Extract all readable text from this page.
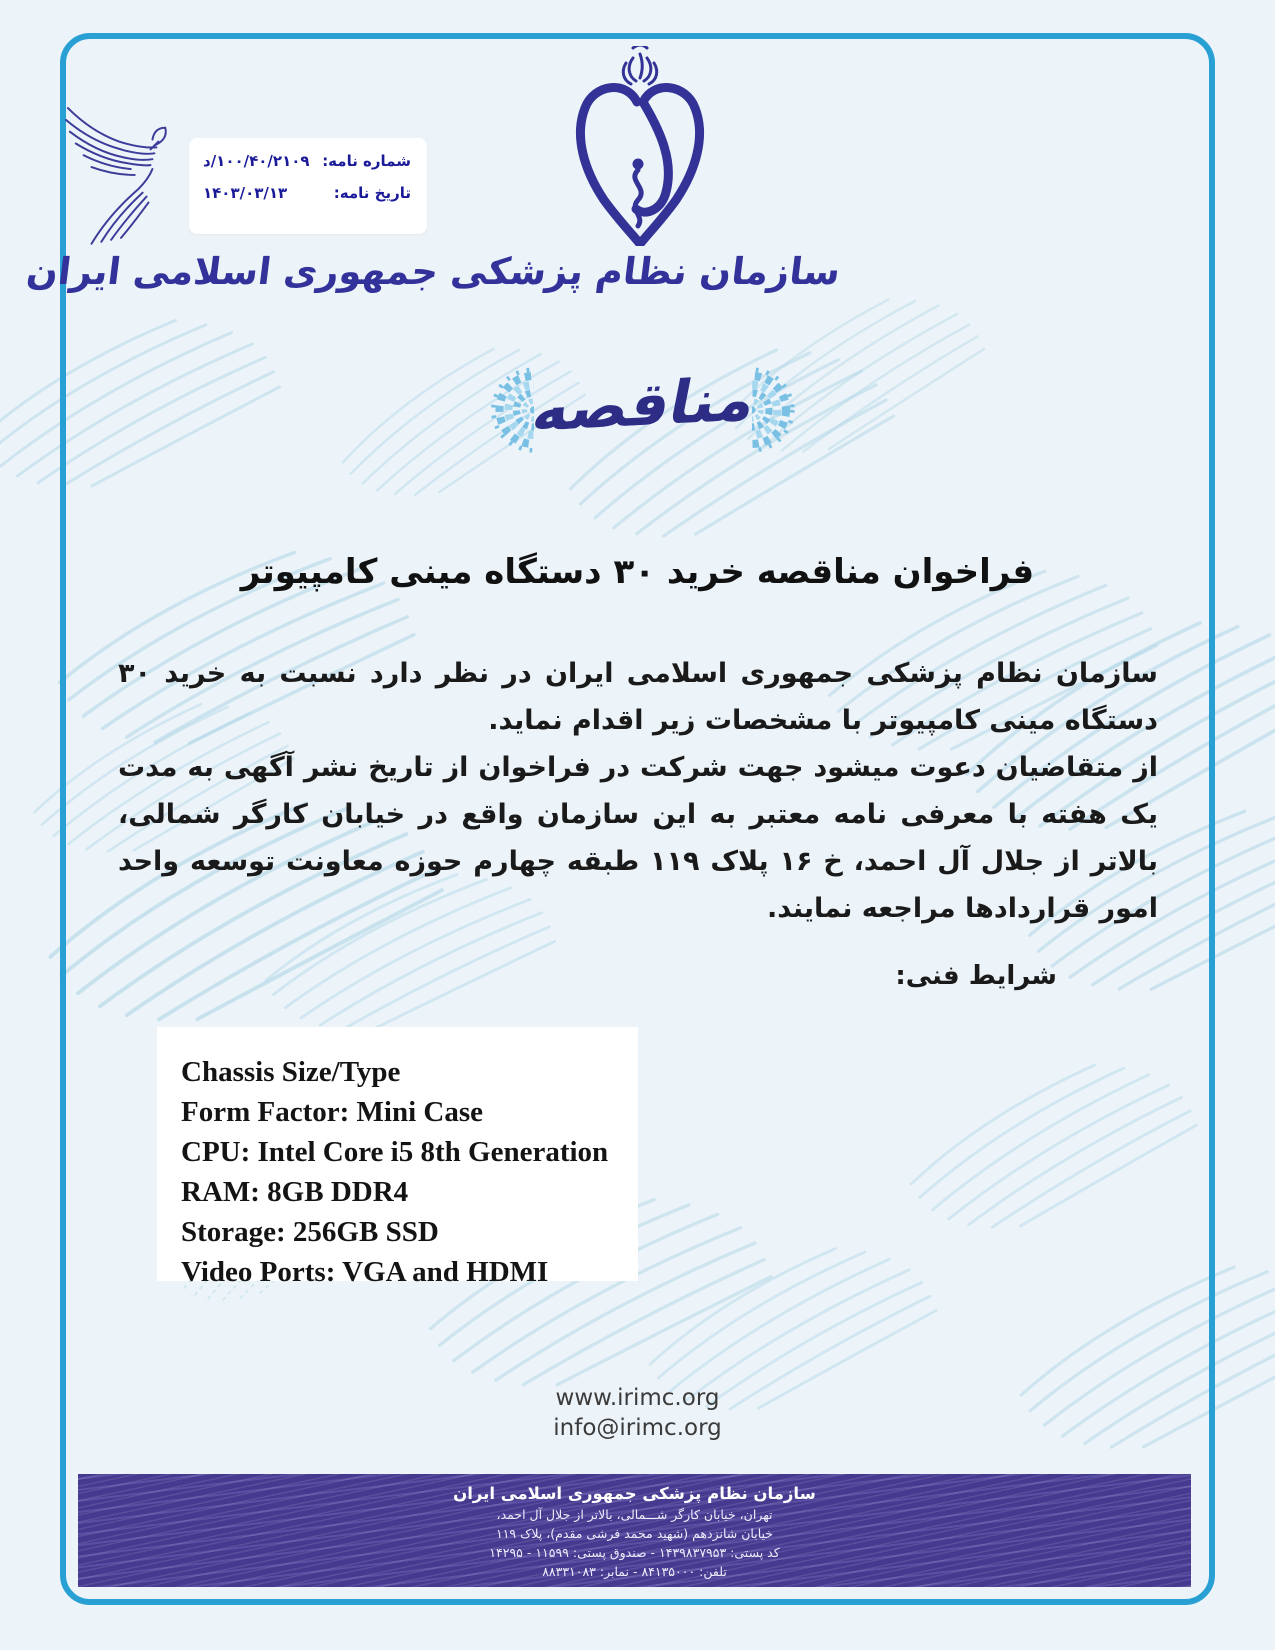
شماره نامه:
د/۱۰۰/۴۰/۲۱۰۹
تاریخ نامه:
۱۴۰۳/۰۳/۱۳
سازمان نظام پزشکی جمهوری اسلامی ایران
مناقصه
فراخوان مناقصه خرید ۳۰ دستگاه مینی کامپیوتر

سازمان نظام پزشکی جمهوری اسلامی ایران در نظر دارد نسبت به خرید ۳۰ دستگاه مینی کامپیوتر با مشخصات زیر اقدام نماید.

از متقاضیان دعوت میشود جهت شرکت در فراخوان از تاریخ نشر آگهی به مدت یک هفته با معرفی نامه معتبر به این سازمان واقع در خیابان کارگر شمالی، بالاتر از جلال آل احمد، خ ۱۶ پلاک ۱۱۹ طبقه چهارم حوزه معاونت توسعه واحد امور قراردادها مراجعه نمایند.

شرایط فنی:
Chassis Size/Type
Form Factor: Mini Case
CPU: Intel Core i5 8th Generation
RAM: 8GB DDR4
Storage: 256GB SSD
Video Ports: VGA and HDMI
www.irimc.org
info@irimc.org
سازمان نظام پزشکی جمهوری اسلامی ایران
تهران، خیابان کارگر شـــمالی، بالاتر از جلال آل احمد،
خیابان شانزدهم (شهید محمد فرشی مقدم)، پلاک ۱۱۹
کد پستی: ۱۴۳۹۸۳۷۹۵۳ - صندوق پستی: ۱۱۵۹۹ - ۱۴۲۹۵
تلفن: ۸۴۱۳۵۰۰۰ - نمابر: ۸۸۳۳۱۰۸۳
